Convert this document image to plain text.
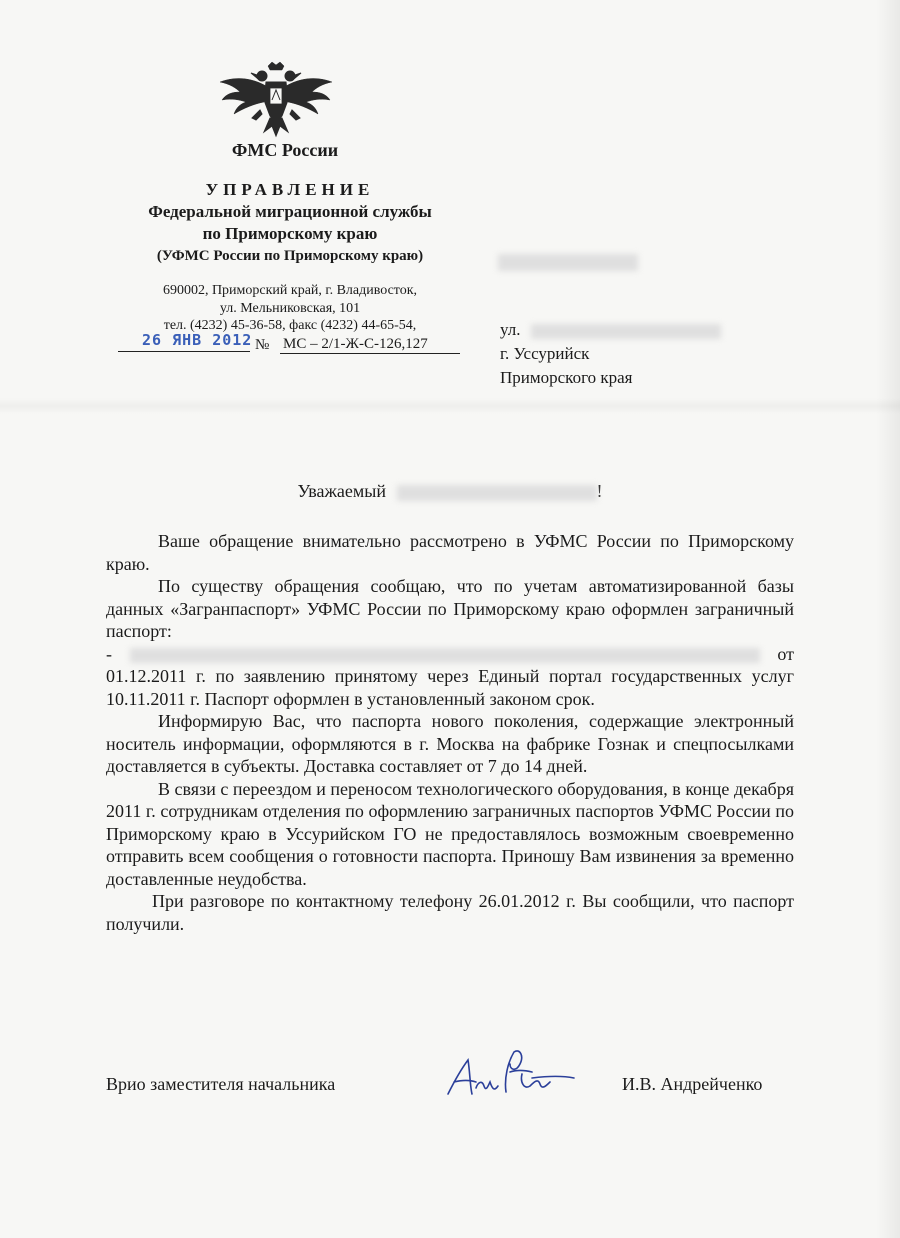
ФМС России
УПРАВЛЕНИЕ
Федеральной миграционной службы
по Приморскому краю
(УФМС России по Приморскому краю)
690002, Приморский край, г. Владивосток,
ул. Мельниковская, 101
тел. (4232) 45-36-58, факс (4232) 44-65-54,
26 ЯНВ 2012 № МС – 2/1-Ж-С-126,127
ул.
г. Уссурийск
Приморского края
Уважаемый	!

Ваше обращение внимательно рассмотрено в УФМС России по Приморскому краю.

По существу обращения сообщаю, что по учетам автоматизированной базы данных «Загранпаспорт» УФМС России по Приморскому краю оформлен заграничный паспорт:

-	от 01.12.2011 г. по заявлению принятому через Единый портал государственных услуг 10.11.2011 г. Паспорт оформлен в установленный законом срок.

Информирую Вас, что паспорта нового поколения, содержащие электронный носитель информации, оформляются в г. Москва на фабрике Гознак и спецпосылками доставляется в субъекты. Доставка составляет от 7 до 14 дней.

В связи с переездом и переносом технологического оборудования, в конце декабря 2011 г. сотрудникам отделения по оформлению заграничных паспортов УФМС России по Приморскому краю в Уссурийском ГО не предоставлялось возможным своевременно отправить всем сообщения о готовности паспорта. Приношу Вам извинения за временно доставленные неудобства.

При разговоре по контактному телефону 26.01.2012 г. Вы сообщили, что паспорт получили.

Врио заместителя начальника	И.В. Андрейченко
